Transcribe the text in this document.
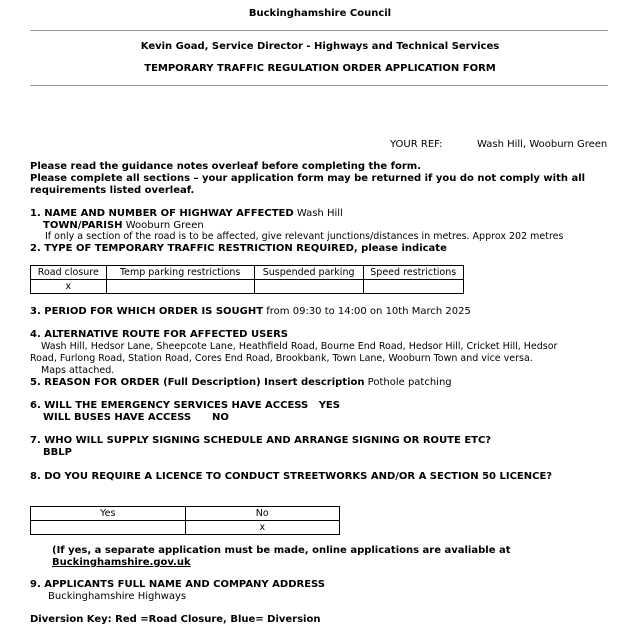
Buckinghamshire Council
Kevin Goad, Service Director - Highways and Technical Services
TEMPORARY TRAFFIC REGULATION ORDER APPLICATION FORM
YOUR REF:	Wash Hill, Wooburn Green
Please read the guidance notes overleaf before completing the form.
Please complete all sections – your application form may be returned if you do not comply with all
requirements listed overleaf.
1. NAME AND NUMBER OF HIGHWAY AFFECTED Wash Hill
TOWN/PARISH Wooburn Green
If only a section of the road is to be affected, give relevant junctions/distances in metres. Approx 202 metres
2. TYPE OF TEMPORARY TRAFFIC RESTRICTION REQUIRED, please indicate
Road closure	Temp parking restrictions	Suspended parking	Speed restrictions
x			
3. PERIOD FOR WHICH ORDER IS SOUGHT from 09:30 to 14:00 on 10th March 2025
4. ALTERNATIVE ROUTE FOR AFFECTED USERS
Wash Hill, Hedsor Lane, Sheepcote Lane, Heathfield Road, Bourne End Road, Hedsor Hill, Cricket Hill, Hedsor
Road, Furlong Road, Station Road, Cores End Road, Brookbank, Town Lane, Wooburn Town and vice versa.
Maps attached.
5. REASON FOR ORDER (Full Description) Insert description Pothole patching
6. WILL THE EMERGENCY SERVICES HAVE ACCESS YES
WILL BUSES HAVE ACCESS NO
7. WHO WILL SUPPLY SIGNING SCHEDULE AND ARRANGE SIGNING OR ROUTE ETC?
BBLP
8. DO YOU REQUIRE A LICENCE TO CONDUCT STREETWORKS AND/OR A SECTION 50 LICENCE?
Yes	No
	x
(If yes, a separate application must be made, online applications are avaliable at
Buckinghamshire.gov.uk
9. APPLICANTS FULL NAME AND COMPANY ADDRESS
Buckinghamshire Highways
Diversion Key: Red =Road Closure, Blue= Diversion
